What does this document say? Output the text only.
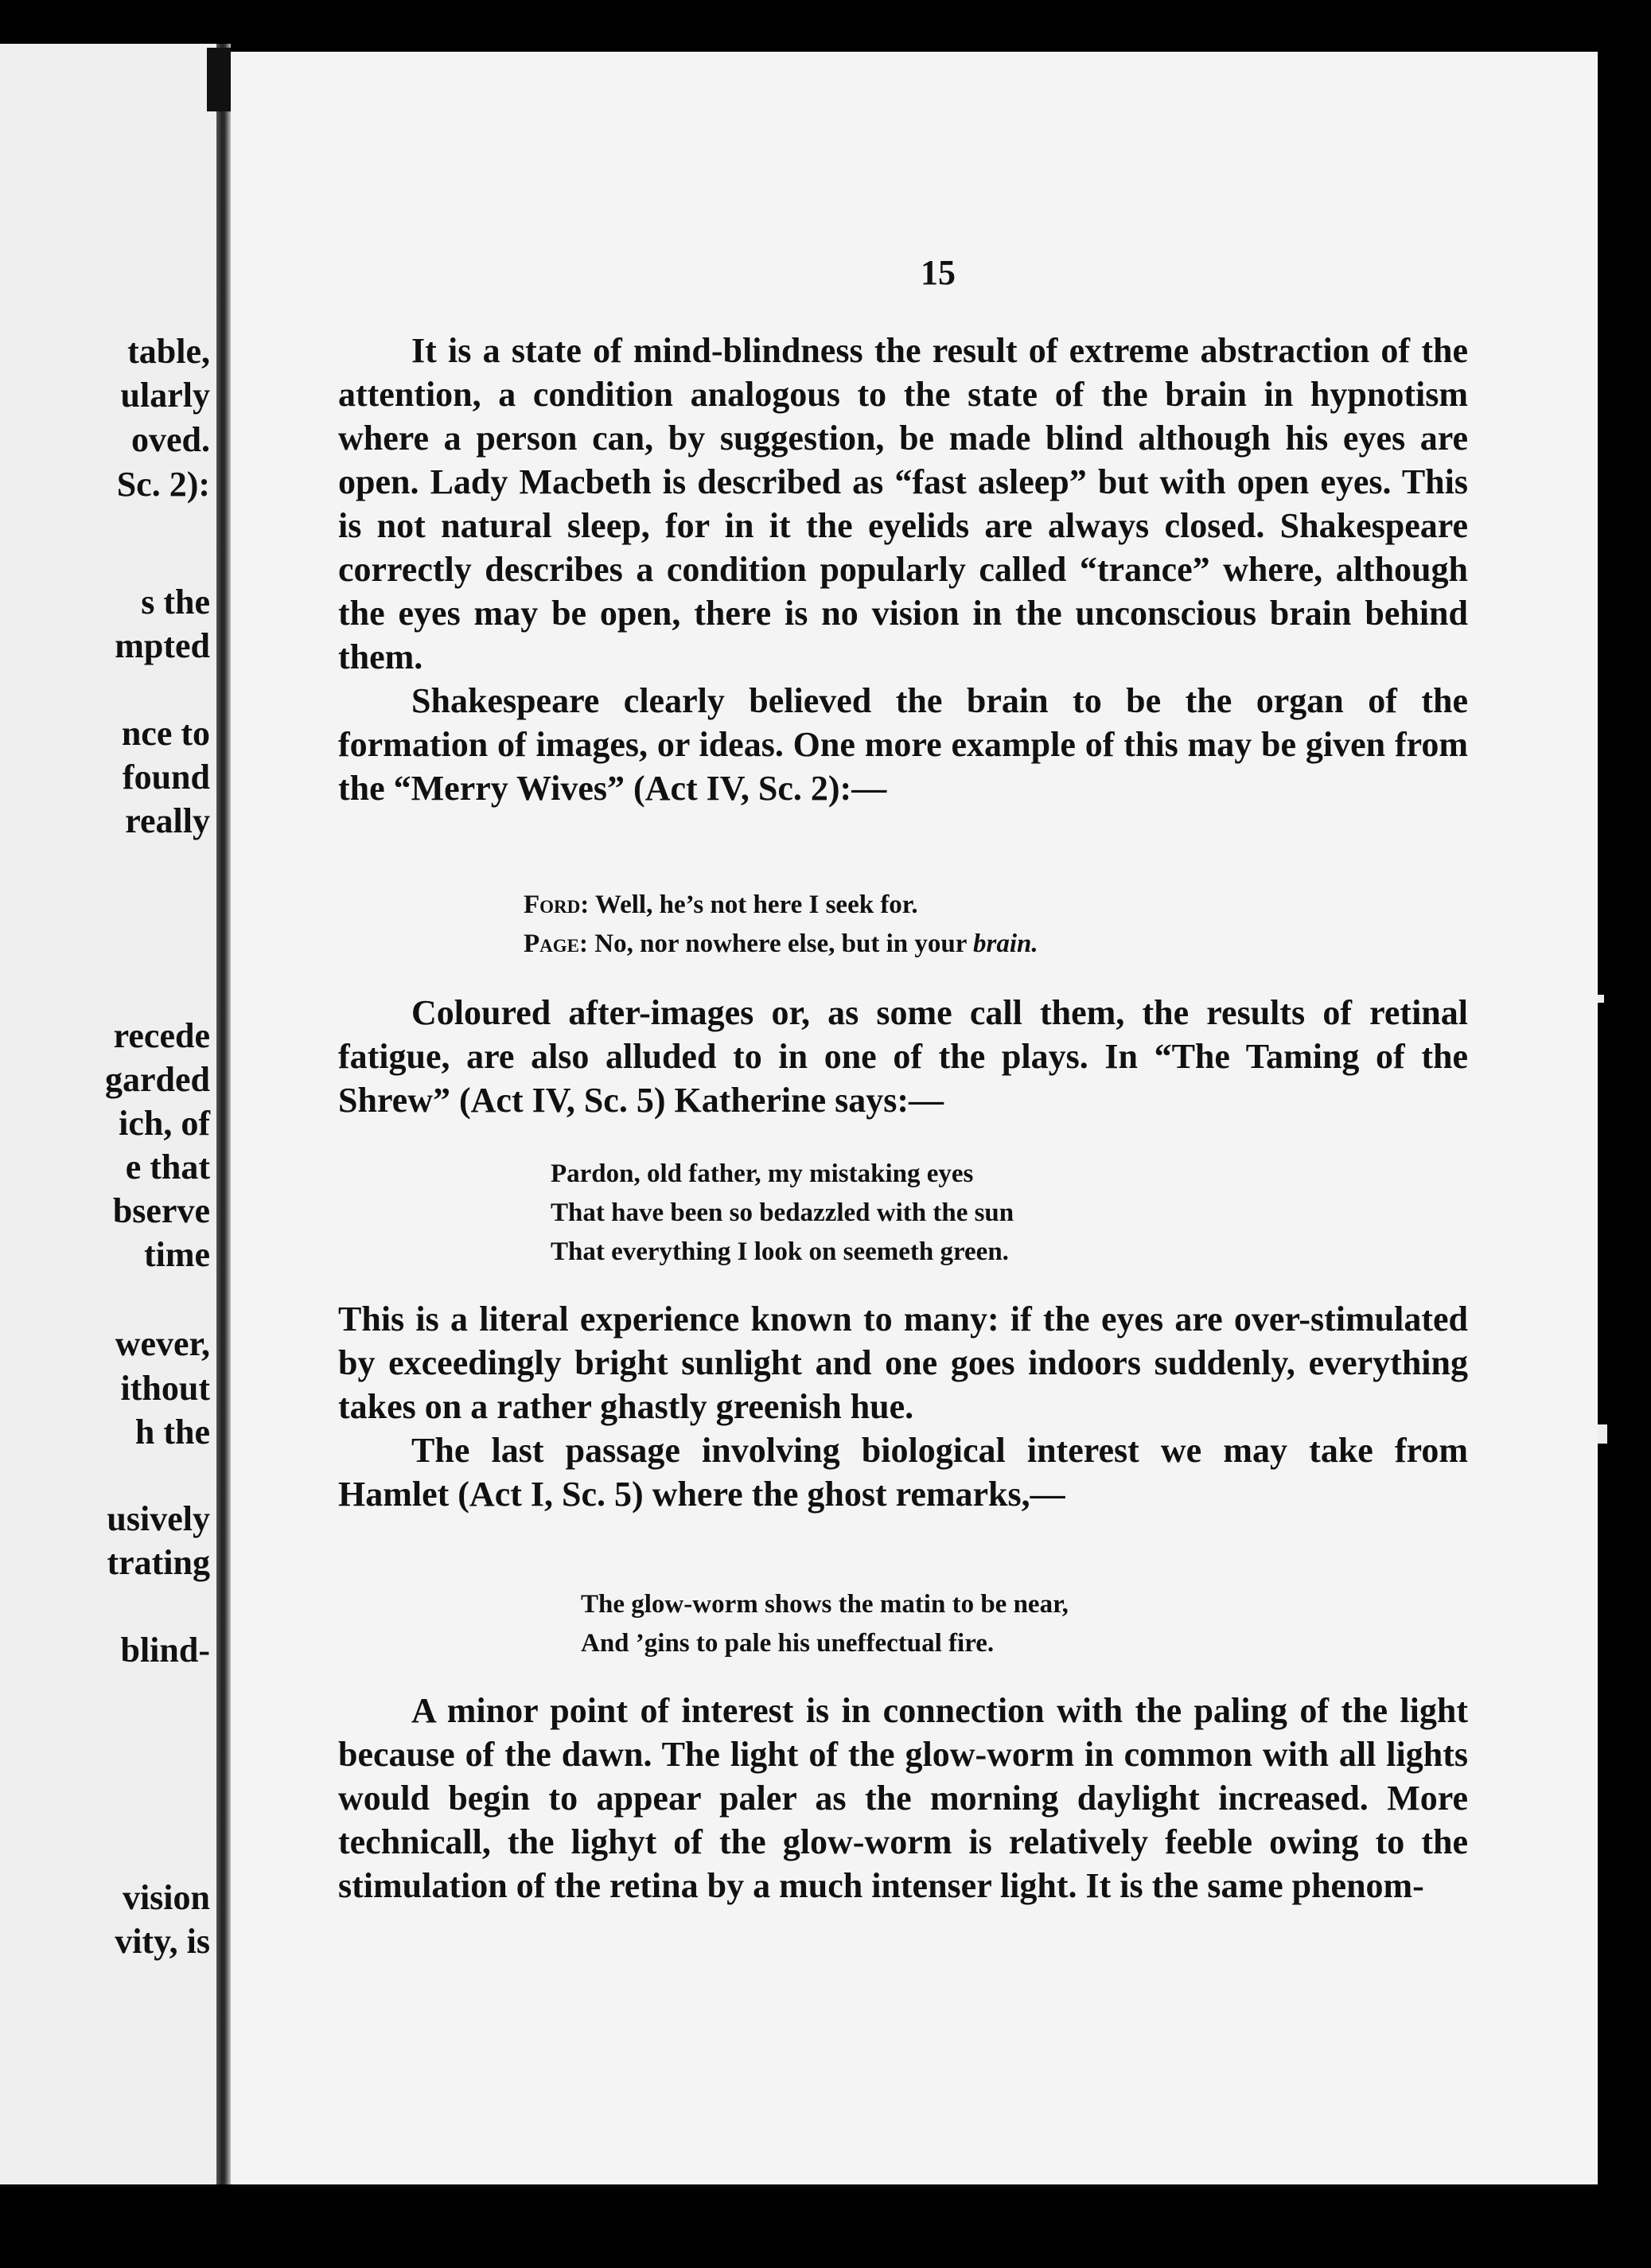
table,
ularly
oved.
Sc. 2):
s the
mpted
nce to
found
really
recede
garded
ich, of
e that
bserve
time
wever,
ithout
h the
usively
trating
blind-
vision
vity, is

15

It is a state of mind-blindness the result of extreme abstraction of the attention, a condition analogous to the state of the brain in hypnotism where a person can, by suggestion, be made blind although his eyes are open. Lady Macbeth is described as “fast asleep” but with open eyes. This is not natural sleep, for in it the eyelids are always closed. Shakespeare correctly describes a condition popularly called “trance” where, although the eyes may be open, there is no vision in the unconscious brain behind them.

Shakespeare clearly believed the brain to be the organ of the formation of images, or ideas. One more example of this may be given from the “Merry Wives” (Act IV, Sc. 2):—

Ford: Well, he’s not here I seek for.
Page: No, nor nowhere else, but in your brain.

Coloured after-images or, as some call them, the results of retinal fatigue, are also alluded to in one of the plays. In “The Taming of the Shrew” (Act IV, Sc. 5) Katherine says:—

Pardon, old father, my mistaking eyes
That have been so bedazzled with the sun
That everything I look on seemeth green.

This is a literal experience known to many: if the eyes are over-stimulated by exceedingly bright sunlight and one goes indoors suddenly, everything takes on a rather ghastly greenish hue.

The last passage involving biological interest we may take from Hamlet (Act I, Sc. 5) where the ghost remarks,—

The glow-worm shows the matin to be near,
And ’gins to pale his uneffectual fire.

A minor point of interest is in connection with the paling of the light because of the dawn. The light of the glow-worm in common with all lights would begin to appear paler as the morning daylight increased. More technicall, the lighyt of the glow-worm is relatively feeble owing to the stimulation of the retina by a much intenser light. It is the same phenom-
